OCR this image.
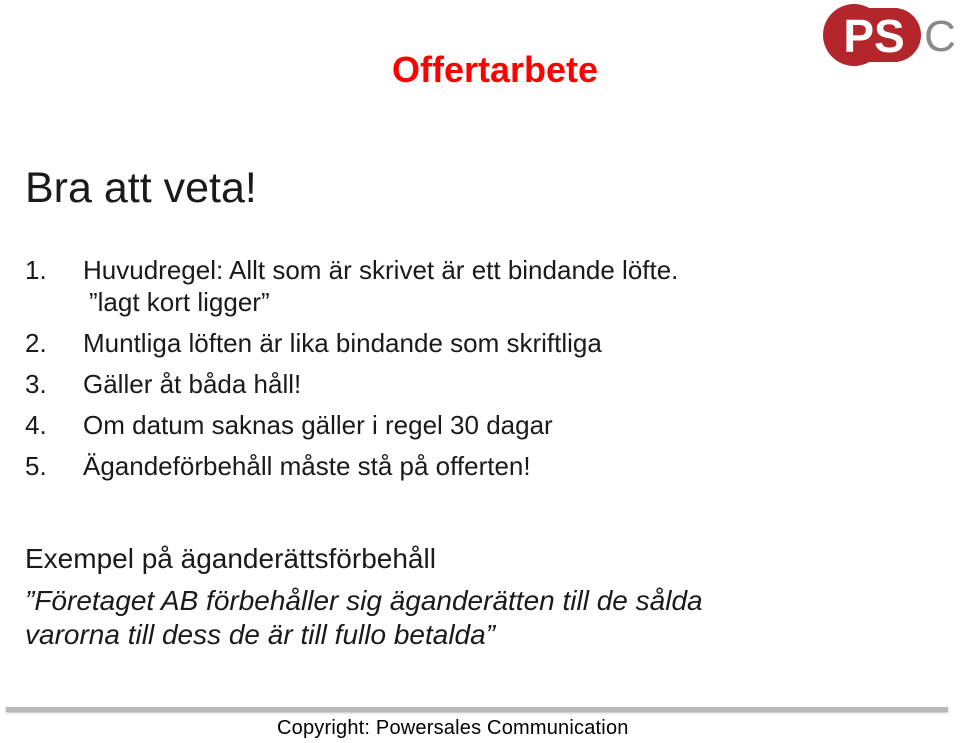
Offertarbete
PS C
Bra att veta!
1.	Huvudregel: Allt som är skrivet är ett bindande löfte.
”lagt kort ligger”
2.	Muntliga löften är lika bindande som skriftliga
3.	Gäller åt båda håll!
4.	Om datum saknas gäller i regel 30 dagar
5.	Ägandeförbehåll måste stå på offerten!
Exempel på äganderättsförbehåll
”Företaget AB förbehåller sig äganderätten till de sålda varorna till dess de är till fullo betalda”
Copyright: Powersales Communication
